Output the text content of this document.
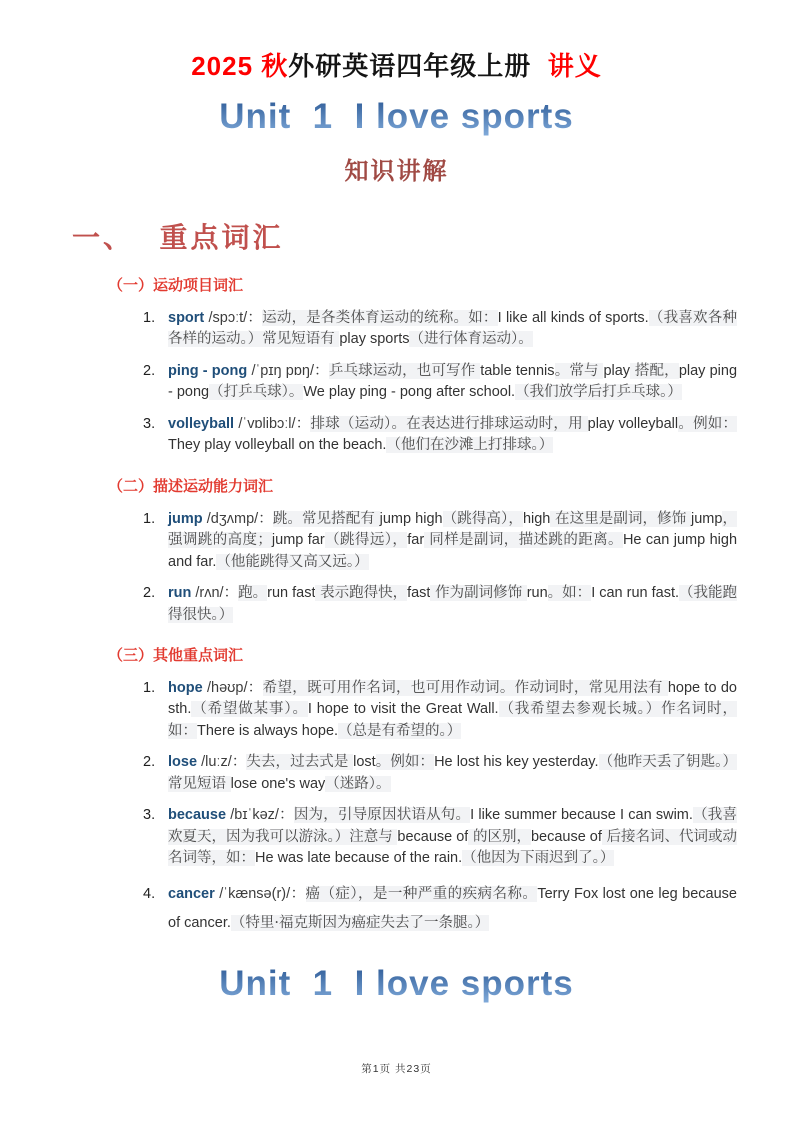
2025 秋外研英语四年级上册  讲义
Unit  1  I love sports
知识讲解
一、  重点词汇
（一）运动项目词汇
sport /spɔːt/：运动，是各类体育运动的统称。如：I like all kinds of sports.（我喜欢各种各样的运动。）常见短语有 play sports（进行体育运动）。
ping - pong /ˈpɪŋ pɒŋ/：乒乓球运动，也可写作 table tennis。常与 play 搭配，play ping - pong（打乒乓球）。We play ping - pong after school.（我们放学后打乒乓球。）
volleyball /ˈvɒlibɔːl/：排球（运动）。在表达进行排球运动时，用 play volleyball。例如：They play volleyball on the beach.（他们在沙滩上打排球。）
（二）描述运动能力词汇
jump /dʒʌmp/：跳。常见搭配有 jump high（跳得高），high 在这里是副词，修饰 jump，强调跳的高度；jump far（跳得远），far 同样是副词，描述跳的距离。He can jump high and far.（他能跳得又高又远。）
run /rʌn/：跑。run fast 表示跑得快，fast 作为副词修饰 run。如：I can run fast.（我能跑得很快。）
（三）其他重点词汇
hope /həʊp/：希望，既可用作名词，也可用作动词。作动词时，常见用法有 hope to do sth.（希望做某事）。I hope to visit the Great Wall.（我希望去参观长城。）作名词时，如：There is always hope.（总是有希望的。）
lose /luːz/：失去，过去式是 lost。例如：He lost his key yesterday.（他昨天丢了钥匙。）常见短语 lose one's way（迷路）。
because /bɪˈkəz/：因为，引导原因状语从句。I like summer because I can swim.（我喜欢夏天，因为我可以游泳。）注意与 because of 的区别，because of 后接名词、代词或动名词等，如：He was late because of the rain.（他因为下雨迟到了。）
cancer /ˈkænsə(r)/：癌（症），是一种严重的疾病名称。Terry Fox lost one leg because of cancer.（特里·福克斯因为癌症失去了一条腿。）
Unit  1  I love sports
第1页 共23页
